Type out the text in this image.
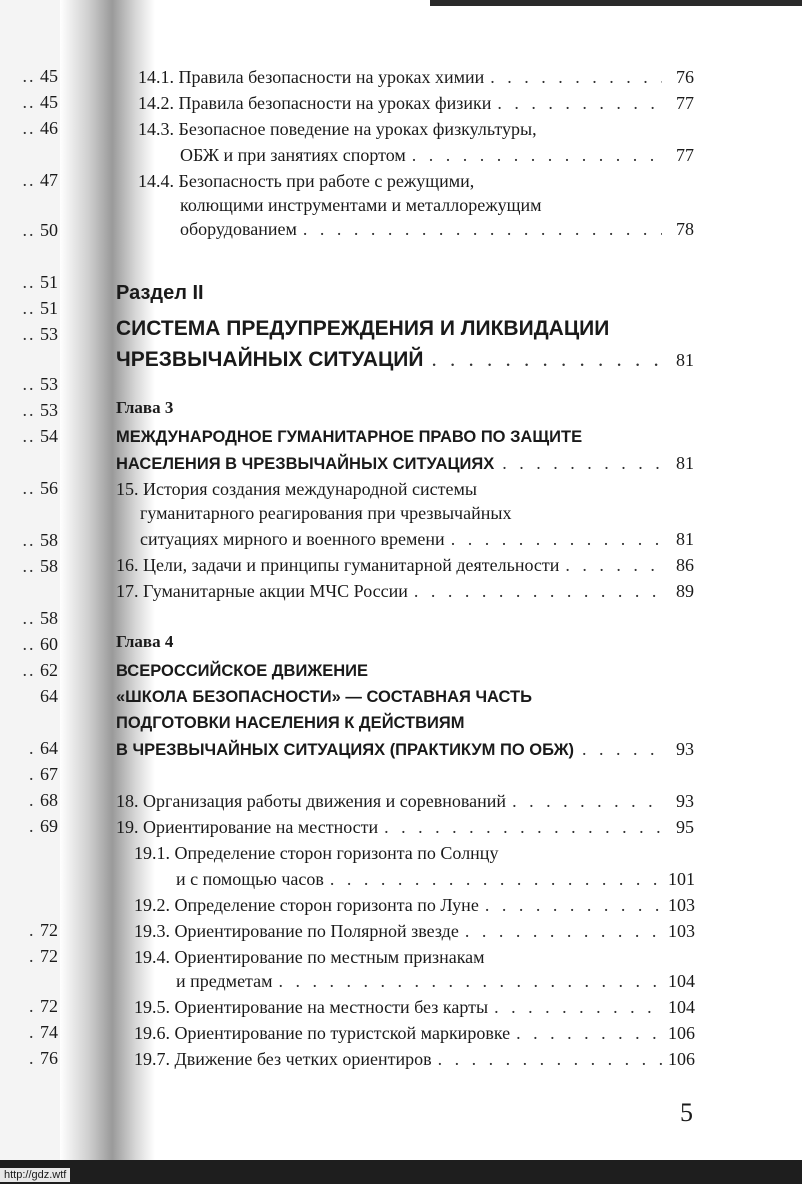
.. 45
.. 45
.. 46
.. 47
.. 50
.. 51
.. 51
.. 53
.. 53
.. 53
.. 54
.. 56
.. 58
.. 58
.. 58
.. 60
.. 62
64
. 64
. 67
. 68
. 69
. 72
. 72
. 72
. 74
. 76
14.1. Правила безопасности на уроках химии . . .	76
14.2. Правила безопасности на уроках физики . . .	77
14.3. Безопасное поведение на уроках физкультуры,
ОБЖ и при занятиях спортом . . .	77
14.4. Безопасность при работе с режущими,
колющими инструментами и металлорежущим
оборудованием . . .	78
Раздел II
СИСТЕМА ПРЕДУПРЕЖДЕНИЯ И ЛИКВИДАЦИИ
ЧРЕЗВЫЧАЙНЫХ СИТУАЦИЙ . . .	81
Глава 3
МЕЖДУНАРОДНОЕ ГУМАНИТАРНОЕ ПРАВО ПО ЗАЩИТЕ
НАСЕЛЕНИЯ В ЧРЕЗВЫЧАЙНЫХ СИТУАЦИЯХ . . .	81
15. История создания международной системы
гуманитарного реагирования при чрезвычайных
ситуациях мирного и военного времени . . .	81
16. Цели, задачи и принципы гуманитарной деятельности . . .	86
17. Гуманитарные акции МЧС России . . .	89
Глава 4
ВСЕРОССИЙСКОЕ ДВИЖЕНИЕ
«ШКОЛА БЕЗОПАСНОСТИ» — СОСТАВНАЯ ЧАСТЬ
ПОДГОТОВКИ НАСЕЛЕНИЯ К ДЕЙСТВИЯМ
В ЧРЕЗВЫЧАЙНЫХ СИТУАЦИЯХ (ПРАКТИКУМ ПО ОБЖ) . . .	93
18. Организация работы движения и соревнований . . .	93
19. Ориентирование на местности . . .	95
19.1. Определение сторон горизонта по Солнцу
и с помощью часов . . .	101
19.2. Определение сторон горизонта по Луне . . .	103
19.3. Ориентирование по Полярной звезде . . .	103
19.4. Ориентирование по местным признакам
и предметам . . .	104
19.5. Ориентирование на местности без карты . . .	104
19.6. Ориентирование по туристской маркировке . . .	106
19.7. Движение без четких ориентиров . . .	106
5
http://gdz.wtf
